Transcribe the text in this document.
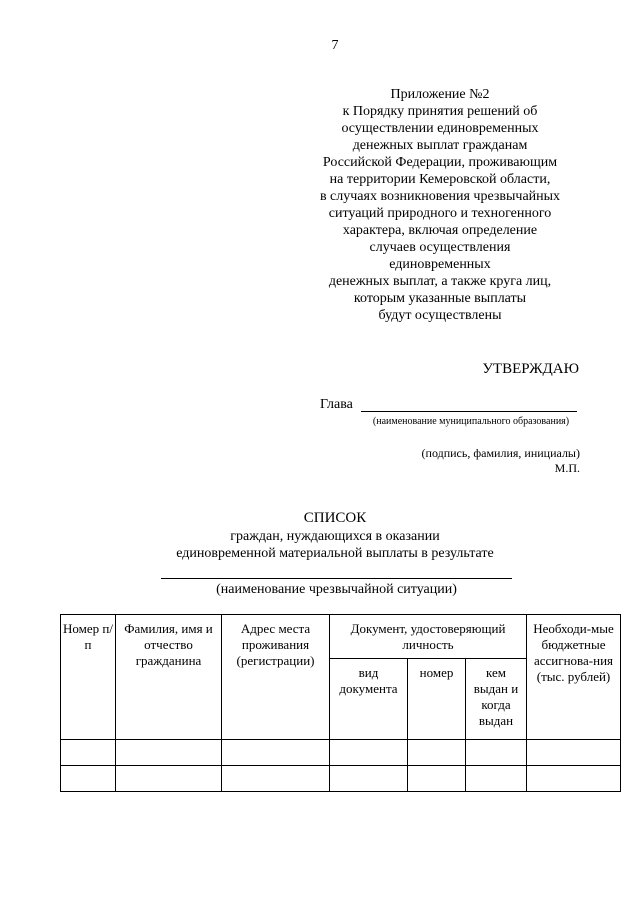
7
Приложение №2
к Порядку принятия решений об
осуществлении единовременных
денежных выплат гражданам
Российской Федерации, проживающим
на территории Кемеровской области,
в случаях возникновения чрезвычайных
ситуаций природного и техногенного
характера, включая определение
случаев осуществления
единовременных
денежных выплат, а также круга лиц,
которым указанные выплаты
будут осуществлены
УТВЕРЖДАЮ
Глава
(наименование муниципального образования)
(подпись, фамилия, инициалы)
М.П.
СПИСОК
граждан, нуждающихся в оказании
единовременной материальной выплаты в результате
(наименование чрезвычайной ситуации)
Номер п/п	Фамилия, имя и отчество гражданина	Адрес места проживания (регистрации)	Документ, удостоверяющий личность			Необходи-мые бюджетные ассигнова-ния (тыс. рублей)
			вид документа	номер	кем выдан и когда выдан	
